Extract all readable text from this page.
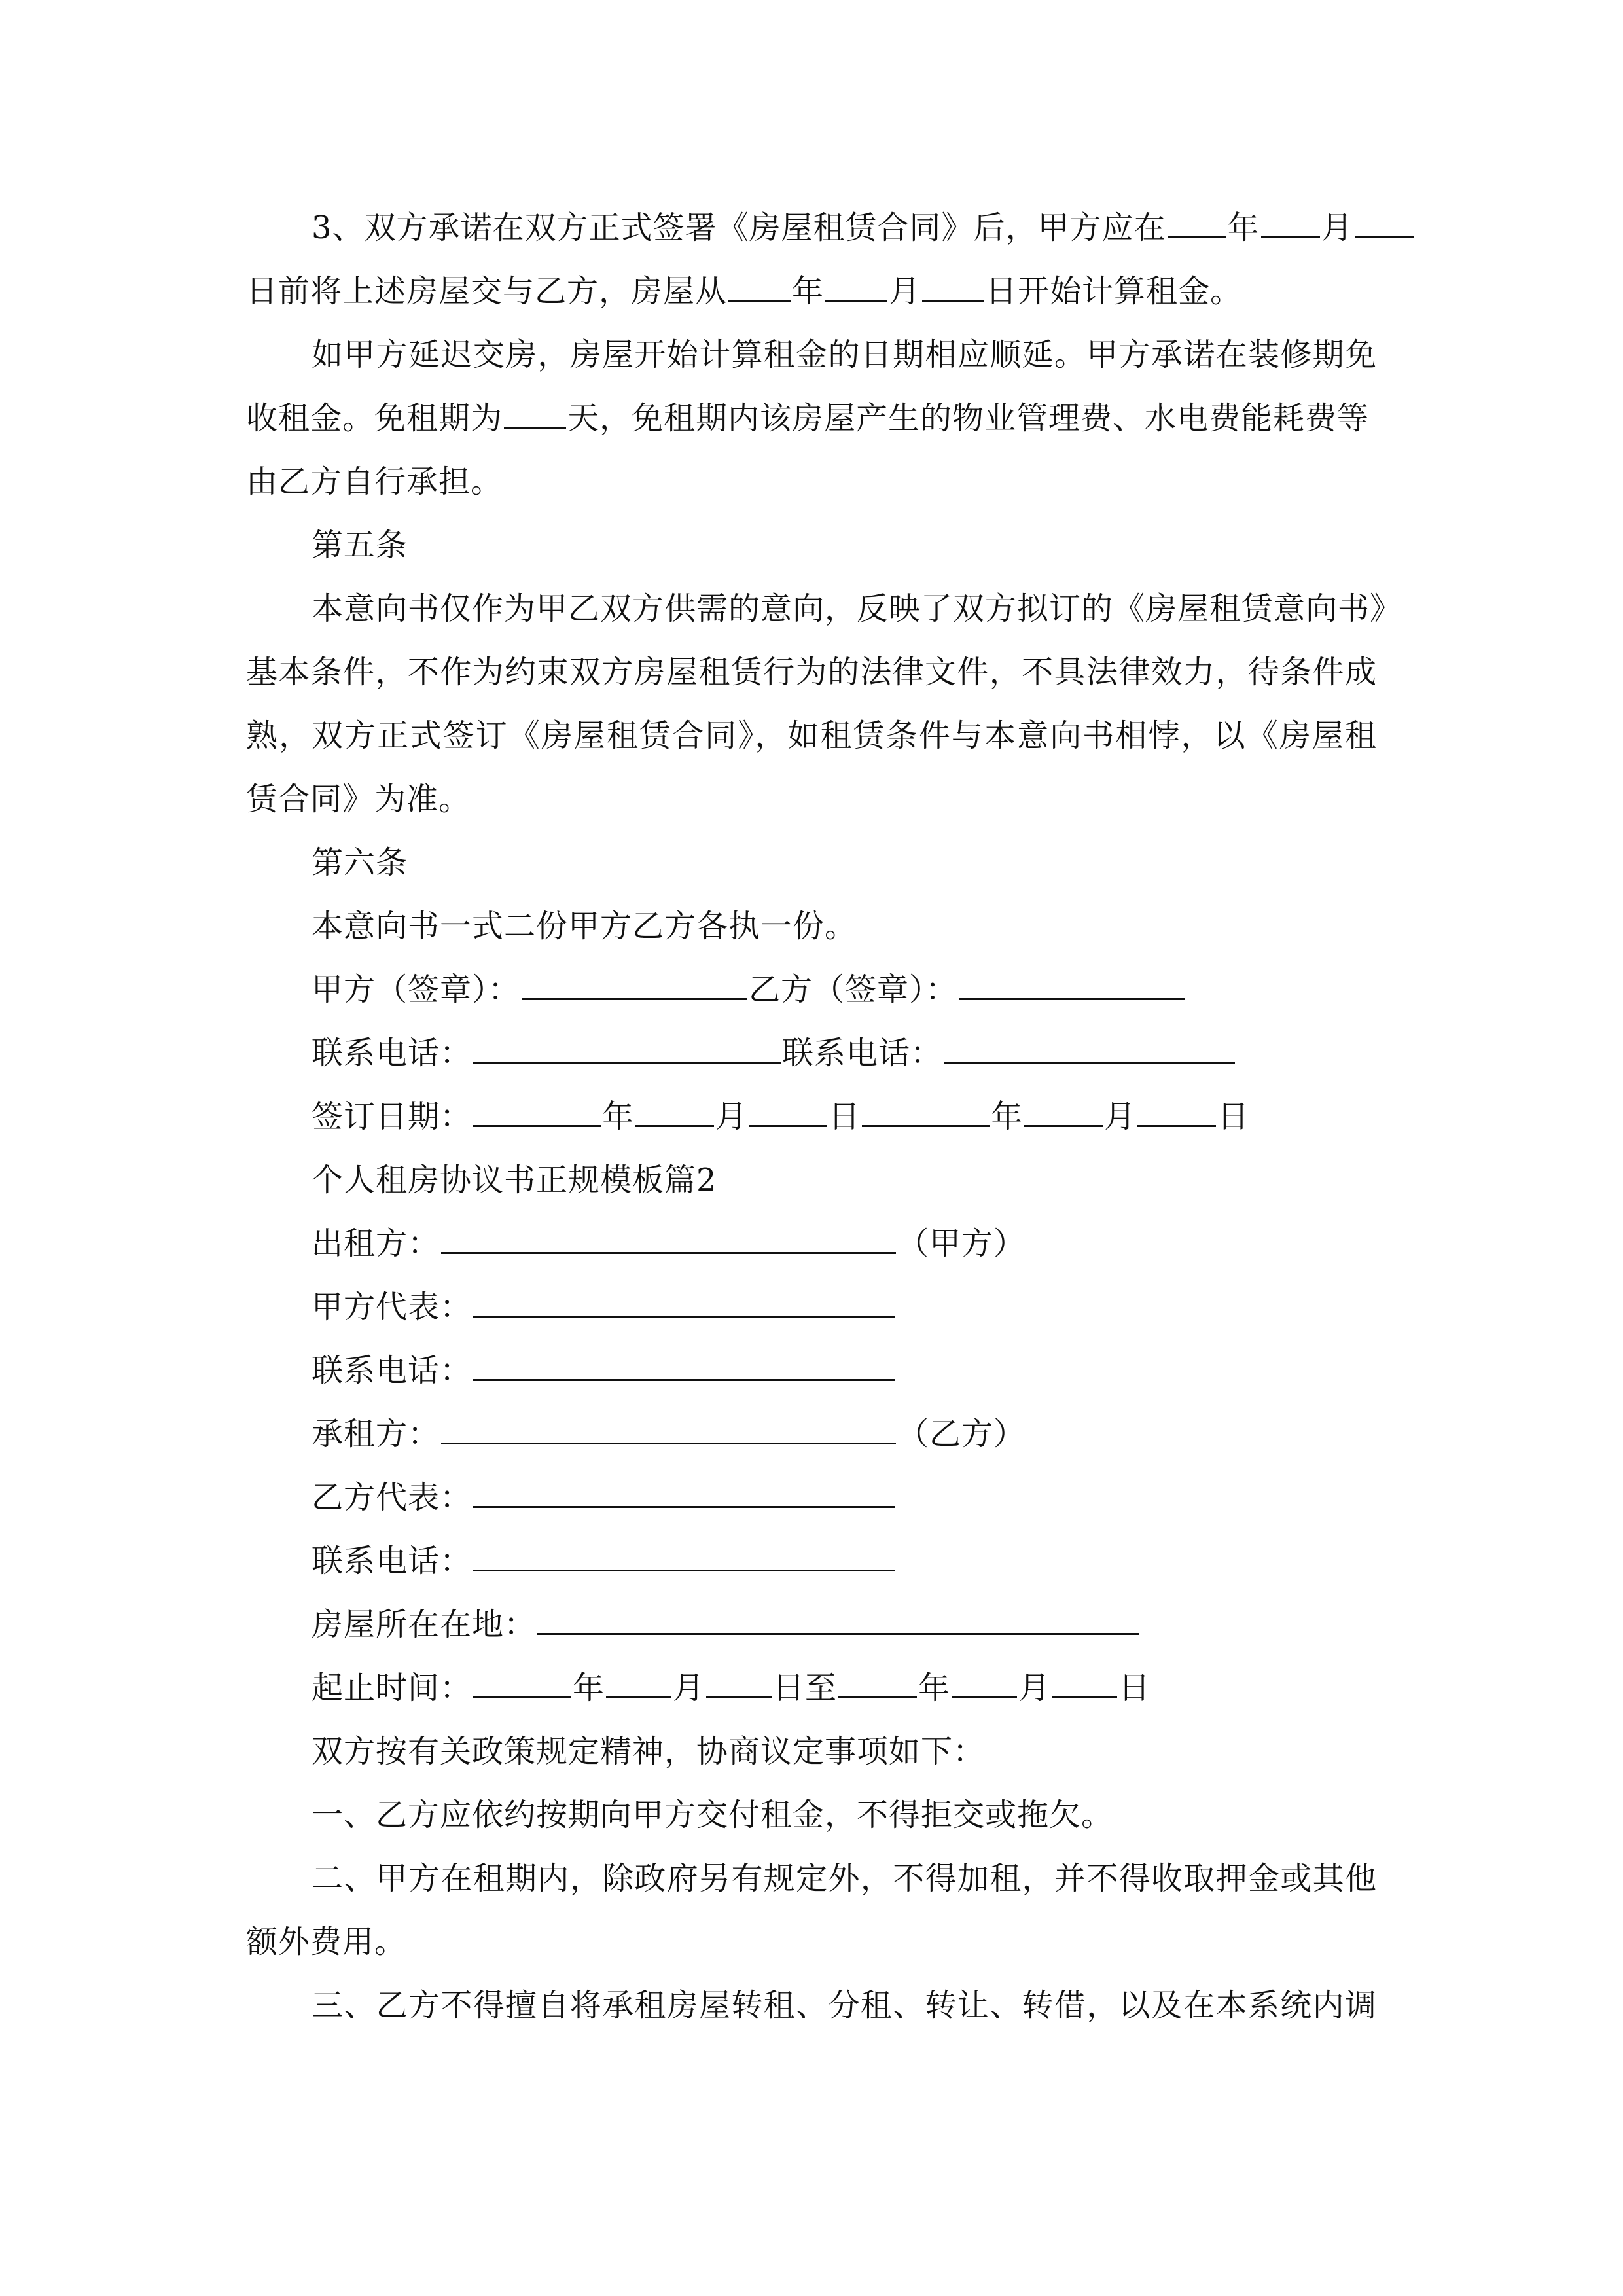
3、双方承诺在双方正式签署《房屋租赁合同》后，甲方应在 年 月
日前将上述房屋交与乙方，房屋从 年 月 日开始计算租金。
如甲方延迟交房，房屋开始计算租金的日期相应顺延。甲方承诺在装修期免
收租金。免租期为 天，免租期内该房屋产生的物业管理费、水电费能耗费等
由乙方自行承担。
第五条
本意向书仅作为甲乙双方供需的意向，反映了双方拟订的《房屋租赁意向书》
基本条件，不作为约束双方房屋租赁行为的法律文件，不具法律效力，待条件成
熟，双方正式签订《房屋租赁合同》，如租赁条件与本意向书相悖，以《房屋租
赁合同》为准。
第六条
本意向书一式二份甲方乙方各执一份。
甲方（签章）：	乙方（签章）：
联系电话：	联系电话：
签订日期：	年	月	日	年	月	日
个人租房协议书正规模板篇2
出租方：	（甲方）
甲方代表：
联系电话：
承租方：	（乙方）
乙方代表：
联系电话：
房屋所在在地：
起止时间：	年 月 日至	年 月 日
双方按有关政策规定精神，协商议定事项如下：
一、乙方应依约按期向甲方交付租金，不得拒交或拖欠。
二、甲方在租期内，除政府另有规定外，不得加租，并不得收取押金或其他
额外费用。
三、乙方不得擅自将承租房屋转租、分租、转让、转借，以及在本系统内调
